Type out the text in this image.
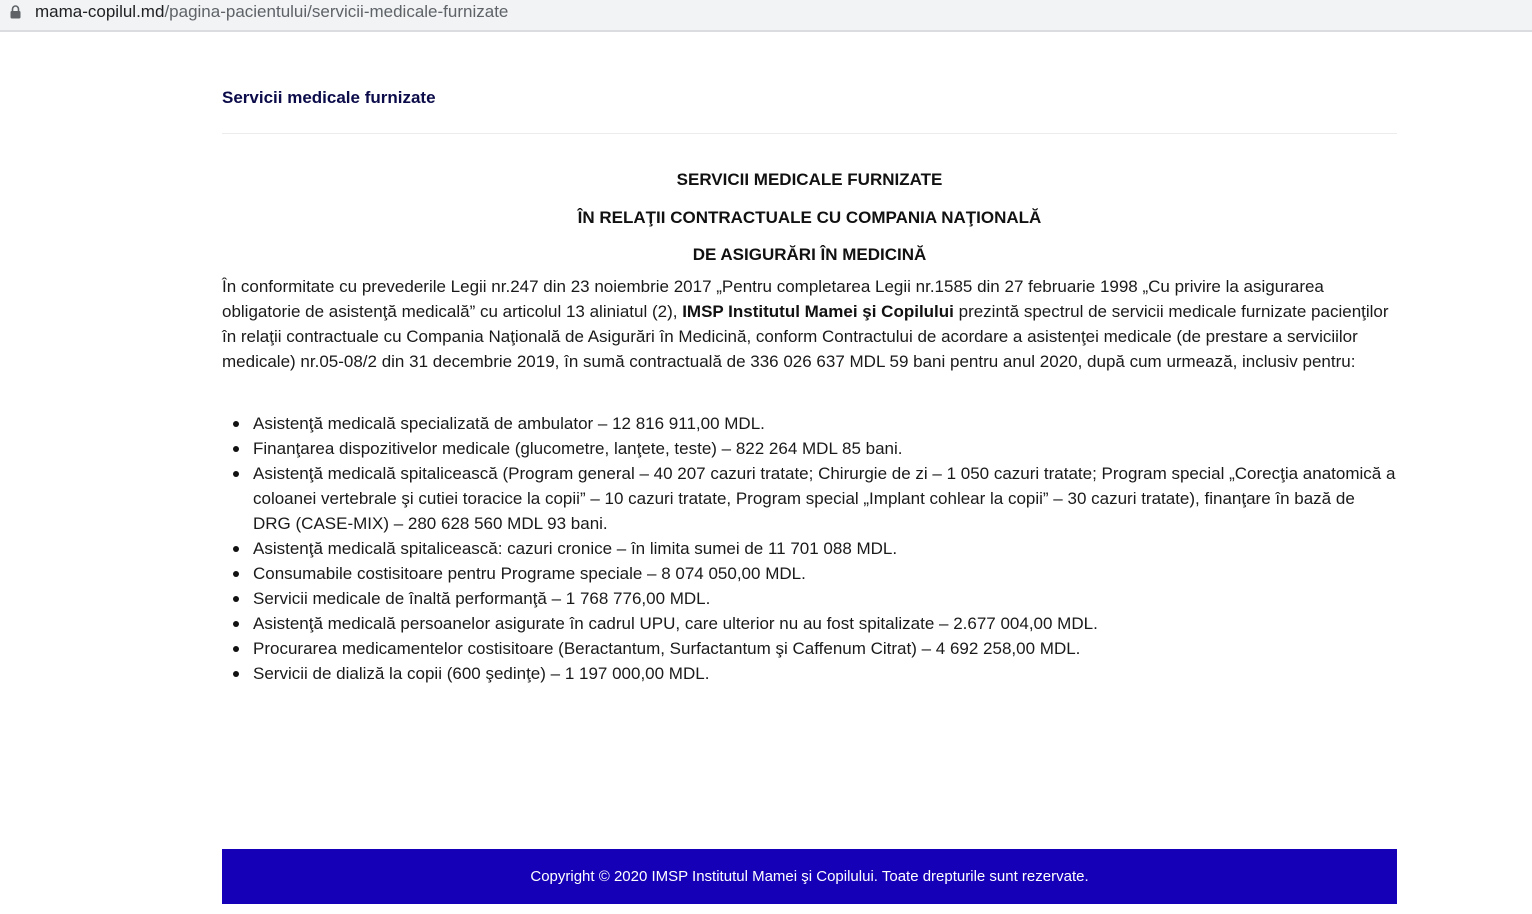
mama-copilul.md /pagina-pacientului/servicii-medicale-furnizate
Servicii medicale furnizate
SERVICII MEDICALE FURNIZATE
ÎN RELAŢII CONTRACTUALE CU COMPANIA NAŢIONALĂ
DE ASIGURĂRI ÎN MEDICINĂ

În conformitate cu prevederile Legii nr.247 din 23 noiembrie 2017 „Pentru completarea Legii nr.1585 din 27 februarie 1998 „Cu privire la asigurarea obligatorie de asistenţă medicală” cu articolul 13 aliniatul (2), IMSP Institutul Mamei şi Copilului prezintă spectrul de servicii medicale furnizate pacienţilor în relaţii contractuale cu Compania Naţională de Asigurări în Medicină, conform Contractului de acordare a asistenţei medicale (de prestare a serviciilor medicale) nr.05-08/2 din 31 decembrie 2019, în sumă contractuală de 336 026 637 MDL 59 bani pentru anul 2020, după cum urmează, inclusiv pentru:

Asistenţă medicală specializată de ambulator – 12 816 911,00 MDL.
Finanţarea dispozitivelor medicale (glucometre, lanţete, teste) – 822 264 MDL 85 bani.
Asistenţă medicală spitalicească (Program general – 40 207 cazuri tratate; Chirurgie de zi – 1 050 cazuri tratate; Program special „Corecţia anatomică a coloanei vertebrale şi cutiei toracice la copii” – 10 cazuri tratate, Program special „Implant cohlear la copii” – 30 cazuri tratate), finanţare în bază de DRG (CASE-MIX) – 280 628 560 MDL 93 bani.
Asistenţă medicală spitalicească: cazuri cronice – în limita sumei de 11 701 088 MDL.
Consumabile costisitoare pentru Programe speciale – 8 074 050,00 MDL.
Servicii medicale de înaltă performanţă – 1 768 776,00 MDL.
Asistenţă medicală persoanelor asigurate în cadrul UPU, care ulterior nu au fost spitalizate – 2.677 004,00 MDL.
Procurarea medicamentelor costisitoare (Beractantum, Surfactantum şi Caffenum Citrat) – 4 692 258,00 MDL.
Servicii de dializă la copii (600 şedinţe) – 1 197 000,00 MDL.
Copyright © 2020 IMSP Institutul Mamei şi Copilului. Toate drepturile sunt rezervate.
